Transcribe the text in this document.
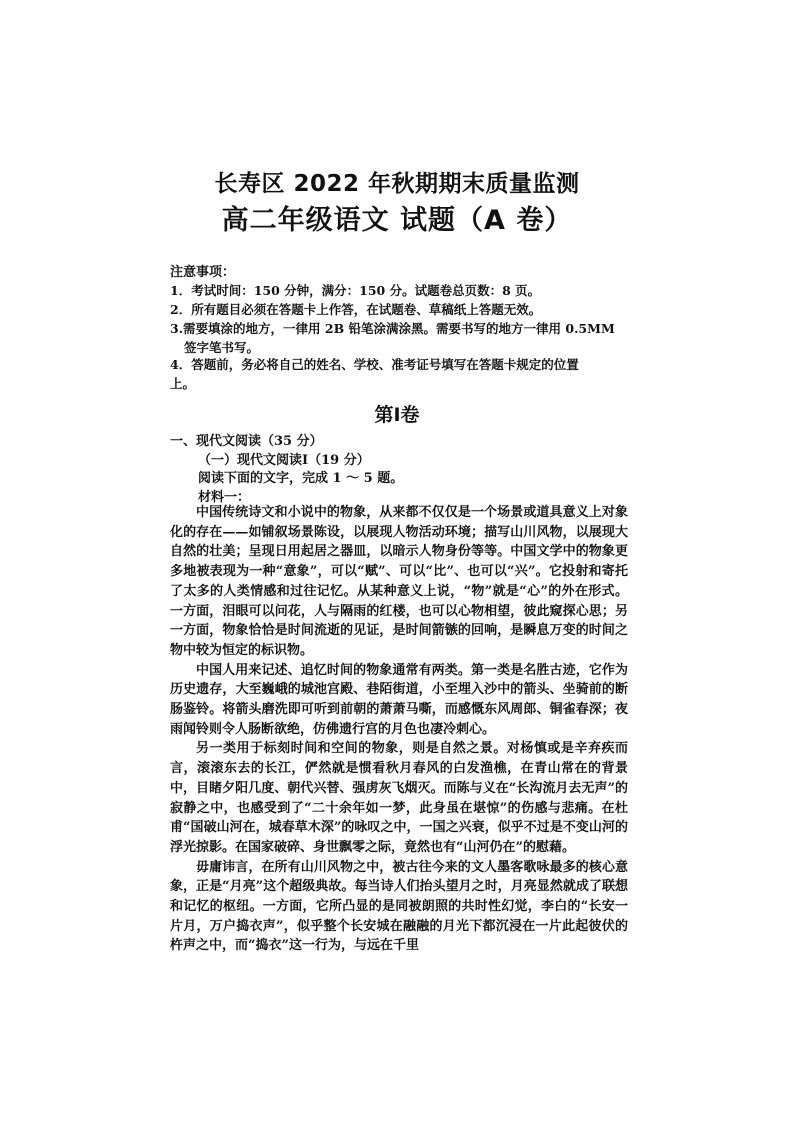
长寿区 2022 年秋期期末质量监测
高二年级语文 试题（A 卷）
注意事项：
1．考试时间：150 分钟，满分：150 分。试题卷总页数：8 页。
2．所有题目必须在答题卡上作答，在试题卷、草稿纸上答题无效。
3.需要填涂的地方，一律用 2B 铅笔涂满涂黑。需要书写的地方一律用 0.5MM
签字笔书写。
4．答题前，务必将自己的姓名、学校、准考证号填写在答题卡规定的位置
上。
第Ⅰ卷
一、现代文阅读（35 分）
（一）现代文阅读Ⅰ（19 分）
阅读下面的文字，完成 1 ～ 5 题。
材料一：

中国传统诗文和小说中的物象，从来都不仅仅是一个场景或道具意义上对象化的存在——如铺叙场景陈设，以展现人物活动环境；描写山川风物，以展现大自然的壮美；呈现日用起居之器皿，以暗示人物身份等等。中国文学中的物象更多地被表现为一种“意象”，可以“赋”、可以“比”、也可以“兴”。它投射和寄托了太多的人类情感和过往记忆。从某种意义上说，“物”就是“心”的外在形式。一方面，泪眼可以问花，人与隔雨的红楼，也可以心物相望，彼此窥探心思；另一方面，物象恰恰是时间流逝的见证，是时间箭镞的回响，是瞬息万变的时间之物中较为恒定的标识物。

中国人用来记述、追忆时间的物象通常有两类。第一类是名胜古迹，它作为历史遗存，大至巍峨的城池宫殿、巷陌街道，小至埋入沙中的箭头、坐骑前的断肠鉴铃。将箭头磨洗即可听到前朝的萧萧马嘶，而感慨东风周郎、铜雀春深；夜雨闻铃则令人肠断欲绝，仿佛遗行宫的月色也凄冷刺心。

另一类用于标刻时间和空间的物象，则是自然之景。对杨慎或是辛弃疾而言，滚滚东去的长江，俨然就是惯看秋月春风的白发渔樵，在青山常在的背景中，目睹夕阳几度、朝代兴替、强虏灰飞烟灭。而陈与义在“长沟流月去无声”的寂静之中，也感受到了“二十余年如一梦，此身虽在堪惊”的伤感与悲痛。在杜甫“国破山河在，城春草木深”的咏叹之中，一国之兴衰，似乎不过是不变山河的浮光掠影。在国家破碎、身世飘零之际，竟然也有“山河仍在”的慰藉。

毋庸讳言，在所有山川风物之中，被古往今来的文人墨客歌咏最多的核心意象，正是“月亮”这个超级典故。每当诗人们抬头望月之时，月亮显然就成了联想和记忆的枢纽。一方面，它所凸显的是同被朗照的共时性幻觉，李白的“长安一片月，万户捣衣声”，似乎整个长安城在融融的月光下都沉浸在一片此起彼伏的杵声之中，而“捣衣”这一行为，与远在千里
